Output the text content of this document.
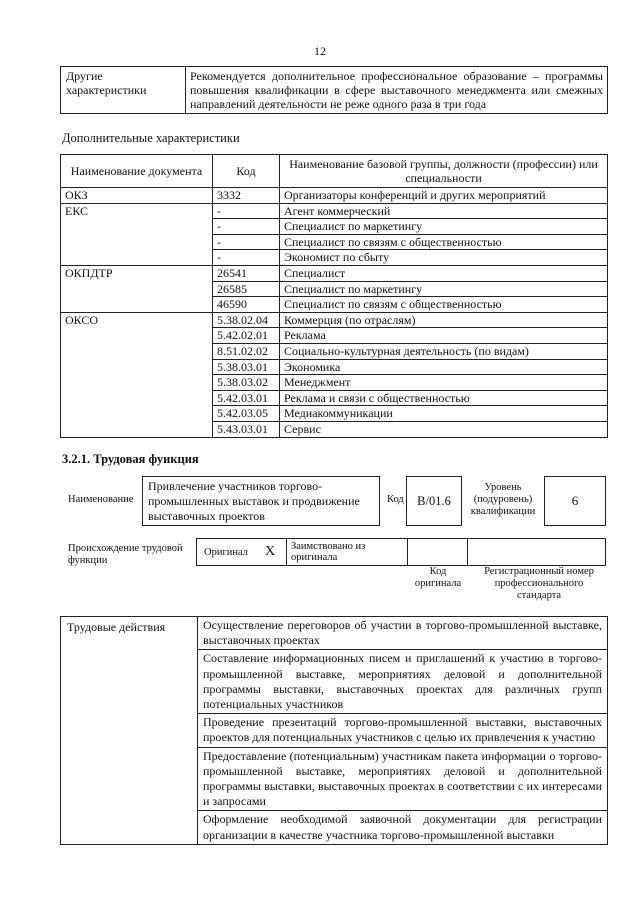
12
Другие характеристики	Рекомендуется дополнительное профессиональное образование – программы повышения квалификации в сфере выставочного менеджмента или смежных направлений деятельности не реже одного раза в три года
Дополнительные характеристики
Наименование документа	Код	Наименование базовой группы, должности (профессии) или специальности
ОКЗ	3332	Организаторы конференций и других мероприятий
ЕКС	-	Агент коммерческий
	-	Специалист по маркетингу
	-	Специалист по связям с общественностью
	-	Экономист по сбыту
ОКПДТР	26541	Специалист
	26585	Специалист по маркетингу
	46590	Специалист по связям с общественностью
ОКСО	5.38.02.04	Коммерция (по отраслям)
	5.42.02.01	Реклама
	8.51.02.02	Социально-культурная деятельность (по видам)
	5.38.03.01	Экономика
	5.38.03.02	Менеджмент
	5.42.03.01	Реклама и связи с общественностью
	5.42.03.05	Медиакоммуникации
	5.43.03.01	Сервис
3.2.1. Трудовая функция
Наименование
Привлечение участников торгово-промышленных выставок и продвижение выставочных проектов
Код	B/01.6
Уровень (подуровень) квалификации
6
Происхождение трудовой функции
Оригинал X Заимствовано из оригинала
Код оригинала
Регистрационный номер профессионального стандарта
Трудовые действия	Осуществление переговоров об участии в торгово-промышленной выставке, выставочных проектах
Составление информационных писем и приглашений к участию в торгово-промышленной выставке, мероприятиях деловой и дополнительной программы выставки, выставочных проектах для различных групп потенциальных участников
Проведение презентаций торгово-промышленной выставки, выставочных проектов для потенциальных участников с целью их привлечения к участию
Предоставление (потенциальным) участникам пакета информации о торгово-промышленной выставке, мероприятиях деловой и дополнительной программы выставки, выставочных проектах в соответствии с их интересами и запросами
Оформление необходимой заявочной документации для регистрации организации в качестве участника торгово-промышленной выставки
